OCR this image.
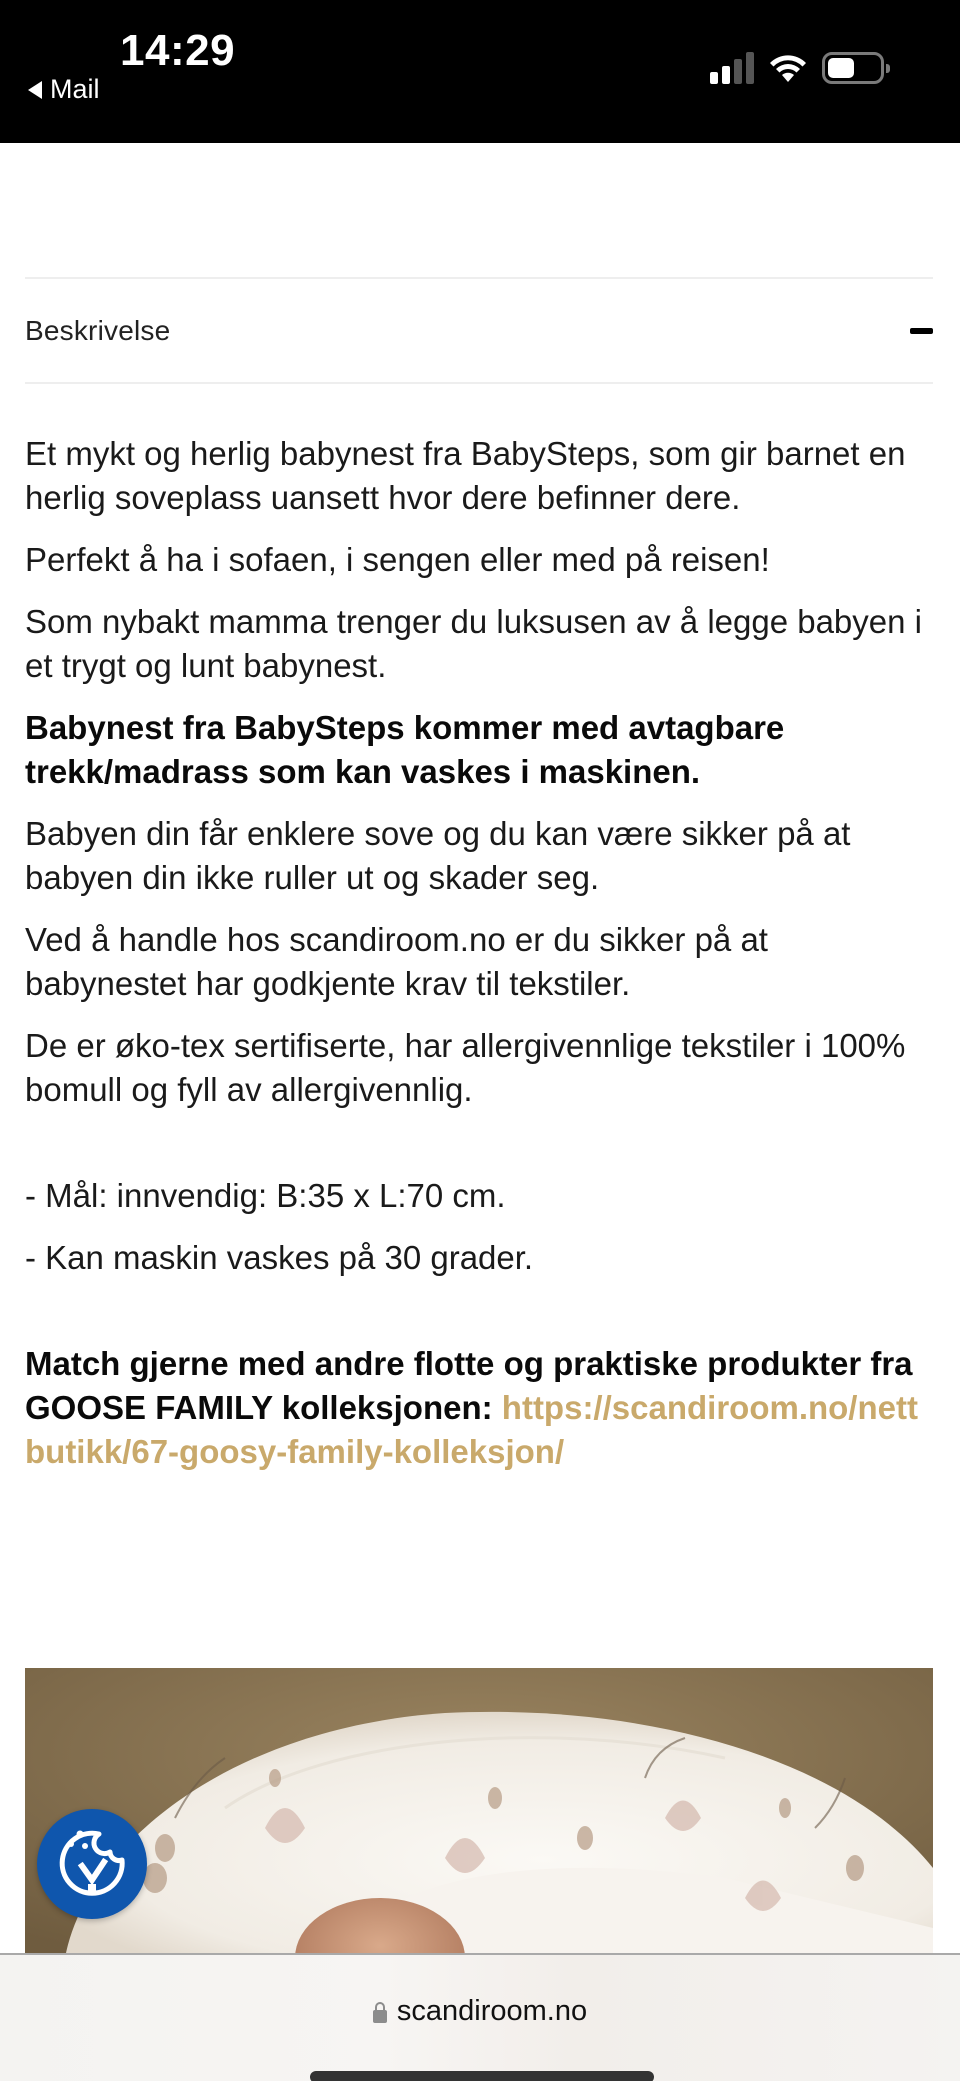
14:29
Mail
Beskrivelse

Et mykt og herlig babynest fra BabySteps, som gir barnet en herlig soveplass uansett hvor dere befinner dere.

Perfekt å ha i sofaen, i sengen eller med på reisen!

Som nybakt mamma trenger du luksusen av å legge babyen i et trygt og lunt babynest.

Babynest fra BabySteps kommer med avtagbare trekk/madrass som kan vaskes i maskinen.

Babyen din får enklere sove og du kan være sikker på at babyen din ikke ruller ut og skader seg.

Ved å handle hos scandiroom.no er du sikker på at babynestet har godkjente krav til tekstiler.

De er øko-tex sertifiserte, har allergivennlige tekstiler i 100% bomull og fyll av allergivennlig.

- Mål: innvendig: B:35 x L:70 cm.

- Kan maskin vaskes på 30 grader.

Match gjerne med andre flotte og praktiske produkter fra GOOSE FAMILY kolleksjonen: https://scandiroom.no/nettbutikk/67-goosy-family-kolleksjon/

scandiroom.no
